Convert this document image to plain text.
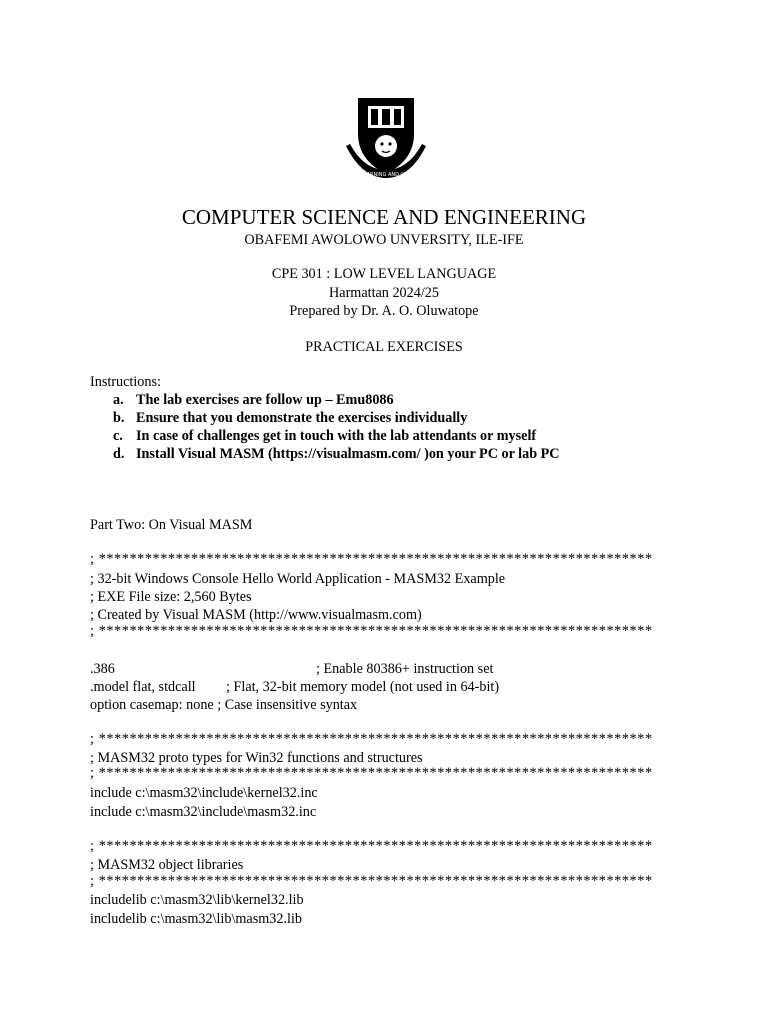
FOR LEARNING AND CULTURE
COMPUTER SCIENCE AND ENGINEERING
OBAFEMI AWOLOWO UNVERSITY, ILE-IFE
CPE 301 : LOW LEVEL LANGUAGE
Harmattan 2024/25
Prepared by Dr. A. O. Oluwatope
PRACTICAL EXERCISES
Instructions:
a. The lab exercises are follow up – Emu8086
b. Ensure that you demonstrate the exercises individually
c. In case of challenges get in touch with the lab attendants or myself
d. Install Visual MASM (https://visualmasm.com/ )on your PC or lab PC
Part Two: On Visual MASM
; ************************************************************************
; 32-bit Windows Console Hello World Application - MASM32 Example
; EXE File size: 2,560 Bytes
; Created by Visual MASM (http://www.visualmasm.com)
; ************************************************************************
.386	; Enable 80386+ instruction set
.model flat, stdcall ; Flat, 32-bit memory model (not used in 64-bit)
option casemap: none ; Case insensitive syntax
; ************************************************************************
; MASM32 proto types for Win32 functions and structures
; ************************************************************************
include c:\masm32\include\kernel32.inc
include c:\masm32\include\masm32.inc
; ************************************************************************
; MASM32 object libraries
; ************************************************************************
includelib c:\masm32\lib\kernel32.lib
includelib c:\masm32\lib\masm32.lib
